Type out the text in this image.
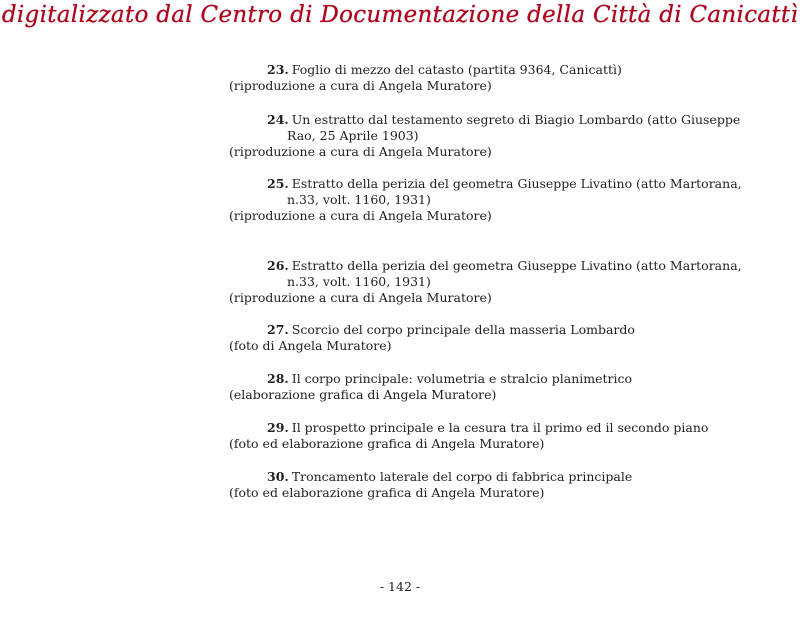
digitalizzato dal Centro di Documentazione della Città di Canicattì
23. Foglio di mezzo del catasto (partita 9364, Canicattì)
(riproduzione a cura di Angela Muratore)
24. Un estratto dal testamento segreto di Biagio Lombardo (atto Giuseppe Rao, 25 Aprile 1903)
(riproduzione a cura di Angela Muratore)
25. Estratto della perizia del geometra Giuseppe Livatino (atto Martorana, n.33, volt. 1160, 1931)
(riproduzione a cura di Angela Muratore)
26. Estratto della perizia del geometra Giuseppe Livatino (atto Martorana, n.33, volt. 1160, 1931)
(riproduzione a cura di Angela Muratore)
27. Scorcio del corpo principale della masseria Lombardo
(foto di Angela Muratore)
28. Il corpo principale: volumetria e stralcio planimetrico
(elaborazione grafica di Angela Muratore)
29. Il prospetto principale e la cesura tra il primo ed il secondo piano
(foto ed elaborazione grafica di Angela Muratore)
30. Troncamento laterale del corpo di fabbrica principale
(foto ed elaborazione grafica di Angela Muratore)
- 142 -
